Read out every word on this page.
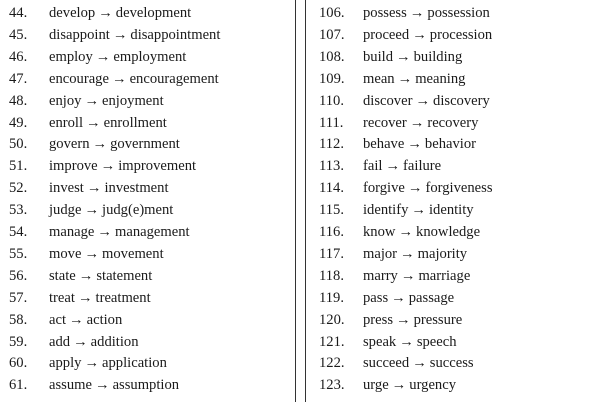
44.	develop → development
45.	disappoint → disappointment
46.	employ → employment
47.	encourage → encouragement
48.	enjoy → enjoyment
49.	enroll → enrollment
50.	govern → government
51.	improve → improvement
52.	invest → investment
53.	judge → judg(e)ment
54.	manage → management
55.	move → movement
56.	state → statement
57.	treat → treatment
58.	act → action
59.	add → addition
60.	apply → application
61.	assume → assumption
106.	possess → possession
107.	proceed → procession
108.	build → building
109.	mean → meaning
110.	discover → discovery
111.	recover → recovery
112.	behave → behavior
113.	fail → failure
114.	forgive → forgiveness
115.	identify → identity
116.	know → knowledge
117.	major → majority
118.	marry → marriage
119.	pass → passage
120.	press → pressure
121.	speak → speech
122.	succeed → success
123.	urge → urgency
